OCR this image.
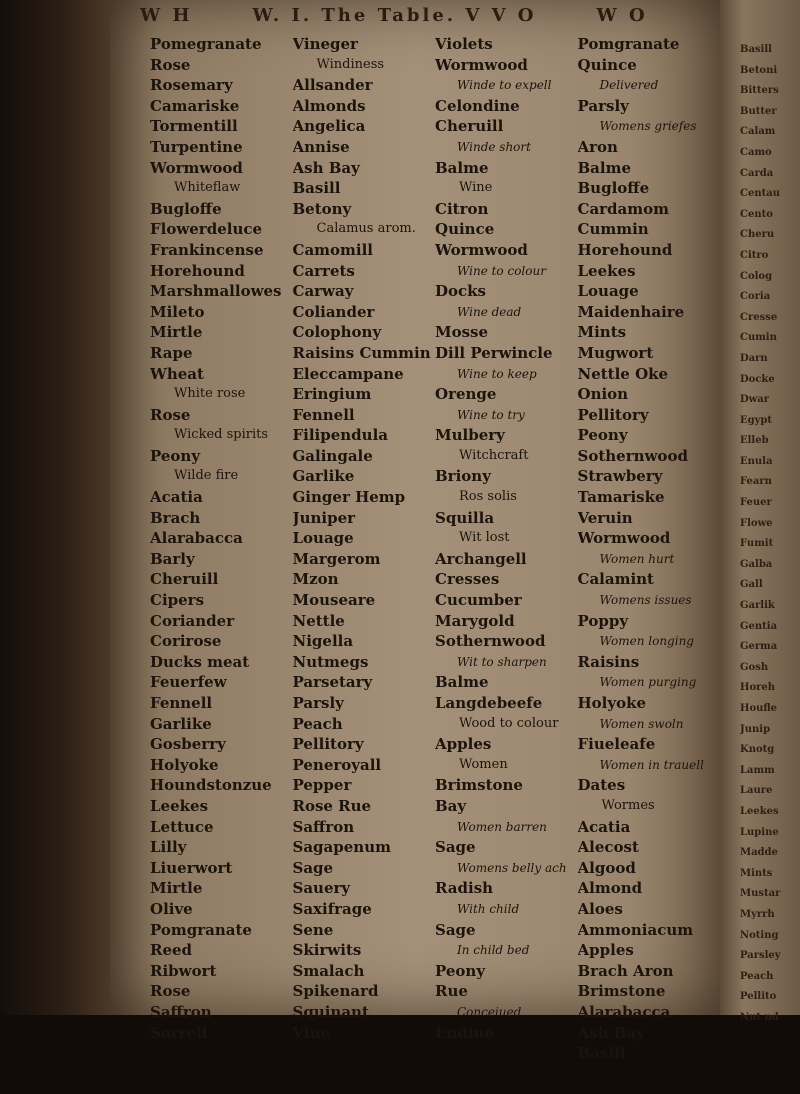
W H	W. I. The Table. V V O	W O
Pomegranate
Rose
Rosemary
Camariske
Tormentill
Turpentine
Wormwood
Whiteflaw
Bugloffe
Flowerdeluce
Frankincense
Horehound
Marshmallowes
Mileto
Mirtle
Rape
Wheat
White rose
Rose
Wicked spirits
Peony
Wilde fire
Acatia
Brach
Alarabacca
Barly
Cheruill
Cipers
Coriander
Corirose
Ducks meat
Feuerfew
Fennell
Garlike
Gosberry
Holyoke
Houndstonzue
Leekes
Lettuce
Lilly
Liuerwort
Mirtle
Olive
Pomgranate
Reed
Ribwort
Rose
Saffron
Sorrell
Vineger
Windiness
Allsander
Almonds
Angelica
Annise
Ash Bay
Basill
Betony
Calamus arom.
Camomill
Carrets
Carway
Coliander
Colophony
Raisins Cummin
Eleccampane
Eringium
Fennell
Filipendula
Galingale
Garlike
Ginger Hemp
Juniper
Louage
Margerom
Mzon
Mouseare
Nettle
Nigella
Nutmegs
Parsetary
Parsly
Peach
Pellitory
Peneroyall
Pepper
Rose Rue
Saffron
Sagapenum
Sage
Sauery
Saxifrage
Sene
Skirwits
Smalach
Spikenard
Squinant
Vine
Violets
Wormwood
Winde to expell
Celondine
Cheruill
Winde short
Balme
Wine
Citron
Quince
Wormwood
Wine to colour
Docks
Wine dead
Mosse
Dill Perwincle
Wine to keep
Orenge
Wine to try
Mulbery
Witchcraft
Briony
Ros solis
Squilla
Wit lost
Archangell
Cresses
Cucumber
Marygold
Sothernwood
Wit to sharpen
Balme
Langdebeefe
Wood to colour
Apples
Women
Brimstone
Bay
Women barren
Sage
Womens belly ach
Radish
With child
Sage
In child bed
Peony
Rue
Conceiued
Endiue
Pomgranate
Quince
Delivered
Parsly
Womens griefes
Aron
Balme
Bugloffe
Cardamom
Cummin
Horehound
Leekes
Louage
Maidenhaire
Mints
Mugwort
Nettle Oke
Onion
Pellitory
Peony
Sothernwood
Strawbery
Tamariske
Veruin
Wormwood
Women hurt
Calamint
Womens issues
Poppy
Women longing
Raisins
Women purging
Holyoke
Women swoln
Fiueleafe
Women in trauell
Dates
Wormes
Acatia
Alecost
Algood
Almond
Aloes
Ammoniacum
Apples
Brach Aron
Brimstone
Alarabacca
Ash Bay
Basill
Basill
Betoni
Bitters
Butter
Calam
Camo
Carda
Centau
Cento
Cheru
Citro
Colog
Coria
Cresse
Cumin
Darn
Docke
Dwar
Egypt
Elleb
Enula
Fearn
Feuer
Flowe
Fumit
Galba
Gall
Garlik
Gentia
Germa
Gosh
Horeh
Houfle
Junip
Knotg
Lamm
Laure
Leekes
Lupine
Madde
Mints
Mustar
Myrrh
Noting
Parsley
Peach
Pellito
Nut nd
